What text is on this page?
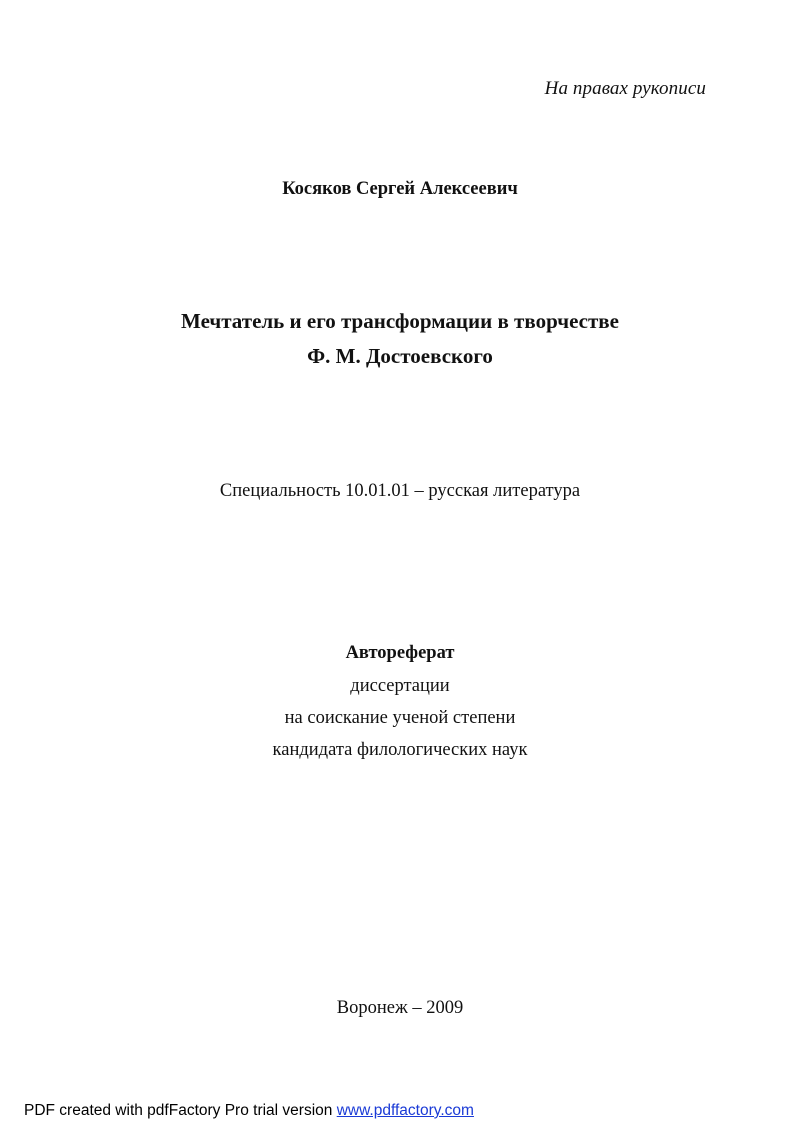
На правах рукописи

Косяков Сергей Алексеевич

Мечтатель и его трансформации в творчестве

Ф. М. Достоевского

Специальность 10.01.01 – русская литература

Автореферат

диссертации

на соискание ученой степени

кандидата филологических наук

Воронеж – 2009

PDF created with pdfFactory Pro trial version www.pdffactory.com
